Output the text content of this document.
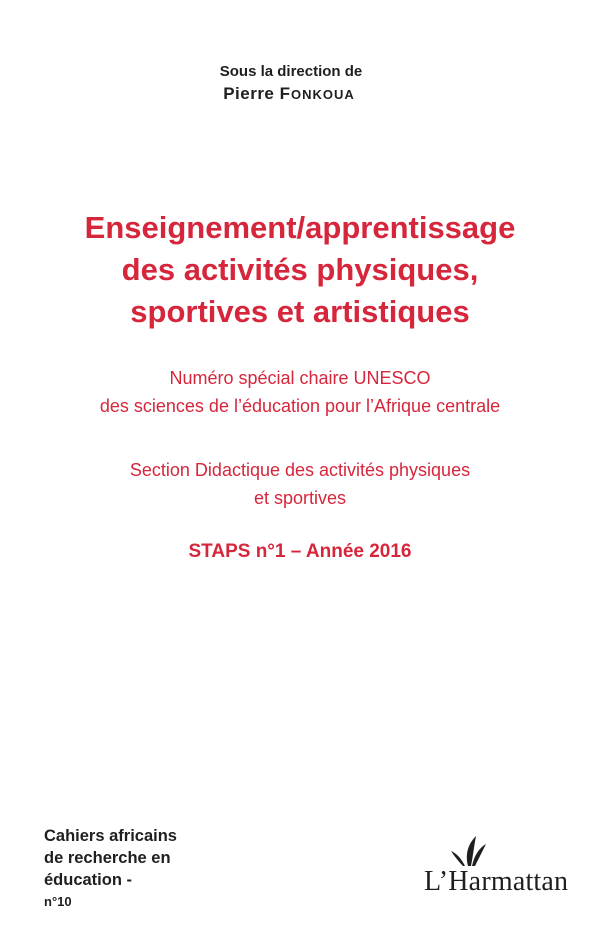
Sous la direction de
Pierre FONKOUA
Enseignement/apprentissage
des activités physiques,
sportives et artistiques
Numéro spécial chaire UNESCO
des sciences de l’éducation pour l’Afrique centrale
Section Didactique des activités physiques
et sportives
STAPS n°1 – Année 2016
Cahiers africains
de recherche en
éducation -
n°10
L’Harmattan
